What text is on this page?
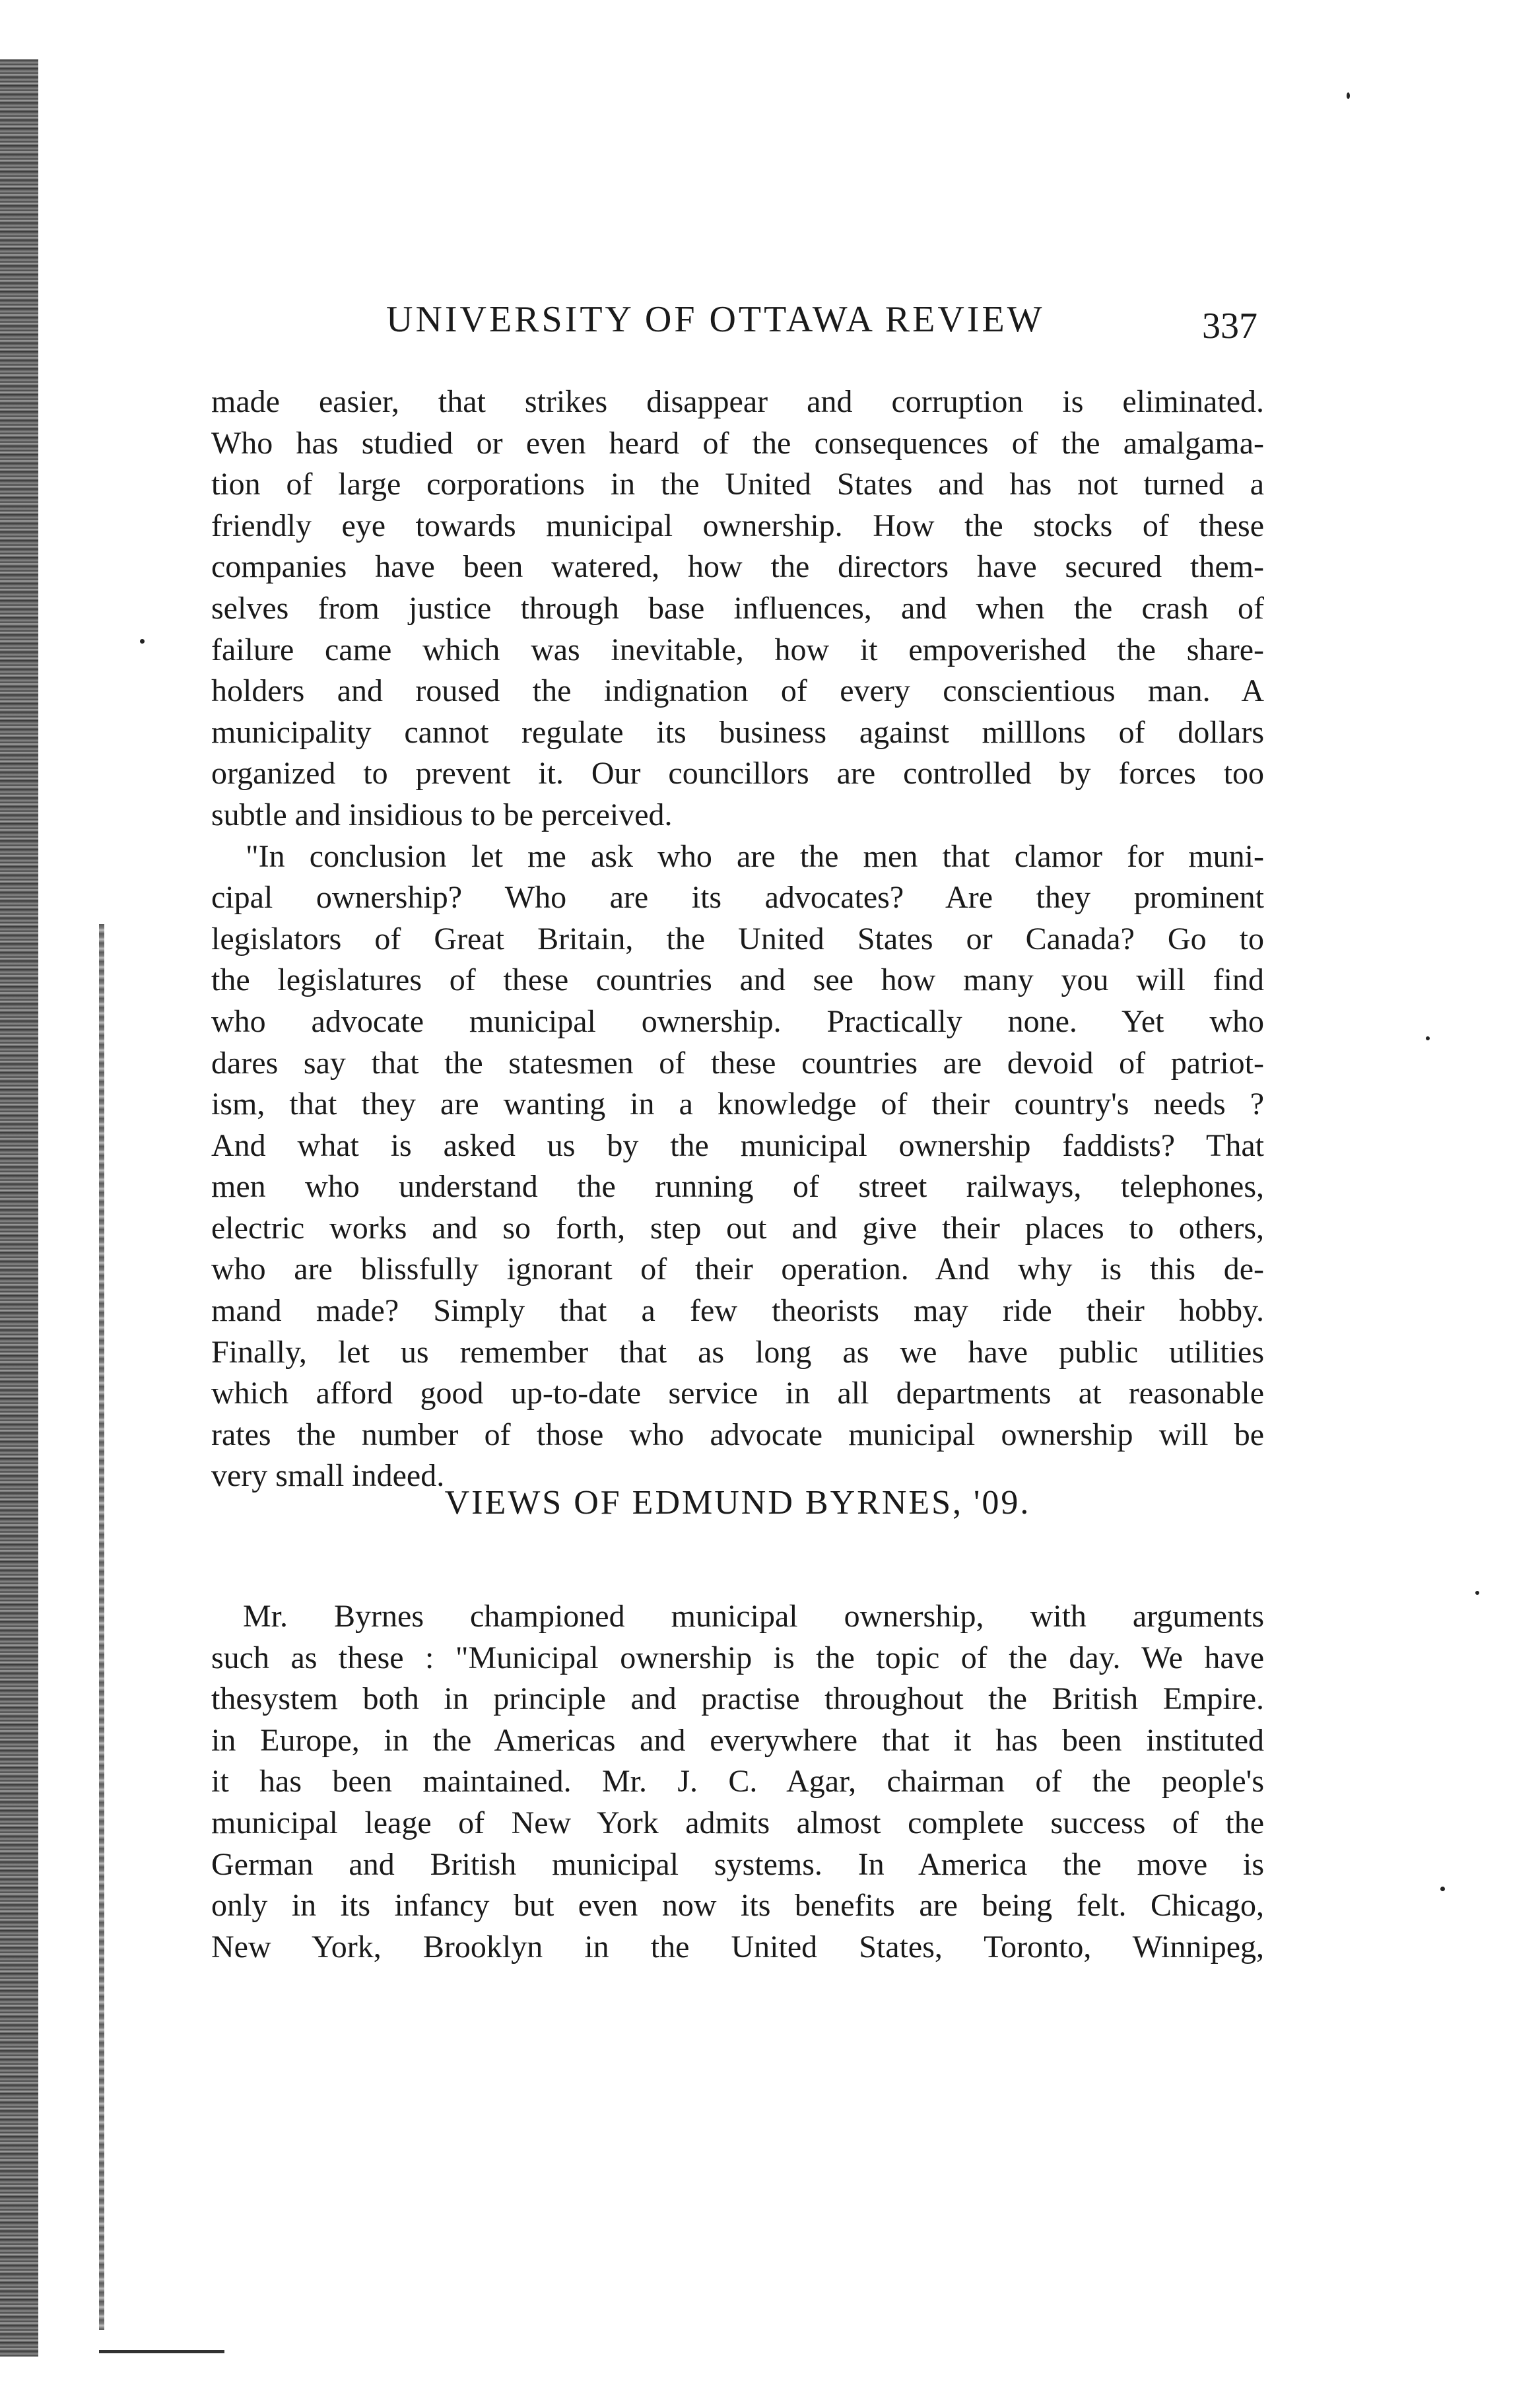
UNIVERSITY OF OTTAWA REVIEW	337
made easier, that strikes disappear and corruption is eliminated.
Who has studied or even heard of the consequences of the amalgama-
tion of large corporations in the United States and has not turned a
friendly eye towards municipal ownership. How the stocks of these
companies have been watered, how the directors have secured them-
selves from justice through base influences, and when the crash of
failure came which was inevitable, how it empoverished the share-
holders and roused the indignation of every conscientious man. A
municipality cannot regulate its business against milllons of dollars
organized to prevent it. Our councillors are controlled by forces too
subtle and insidious to be perceived.
"In conclusion let me ask who are the men that clamor for muni-
cipal ownership? Who are its advocates? Are they prominent
legislators of Great Britain, the United States or Canada? Go to
the legislatures of these countries and see how many you will find
who advocate municipal ownership. Practically none. Yet who
dares say that the statesmen of these countries are devoid of patriot-
ism, that they are wanting in a knowledge of their country's needs ?
And what is asked us by the municipal ownership faddists? That
men who understand the running of street railways, telephones,
electric works and so forth, step out and give their places to others,
who are blissfully ignorant of their operation. And why is this de-
mand made? Simply that a few theorists may ride their hobby.
Finally, let us remember that as long as we have public utilities
which afford good up-to-date service in all departments at reasonable
rates the number of those who advocate municipal ownership will be
very small indeed.
VIEWS OF EDMUND BYRNES, '09.
Mr. Byrnes championed municipal ownership, with arguments
such as these : "Municipal ownership is the topic of the day. We have
thesystem both in principle and practise throughout the British Empire.
in Europe, in the Americas and everywhere that it has been instituted
it has been maintained. Mr. J. C. Agar, chairman of the people's
municipal leage of New York admits almost complete success of the
German and British municipal systems. In America the move is
only in its infancy but even now its benefits are being felt. Chicago,
New York, Brooklyn in the United States, Toronto, Winnipeg,
